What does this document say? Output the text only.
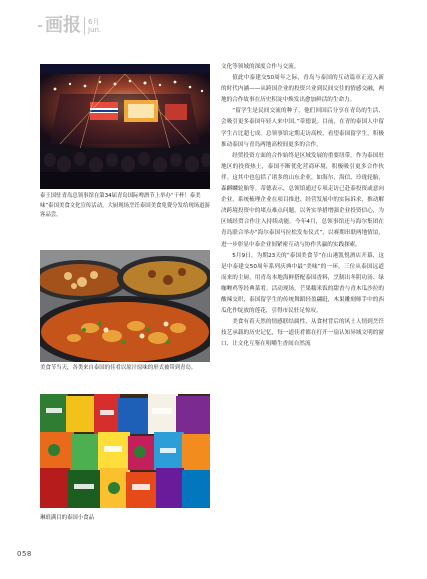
画报 6月
Jun.
泰王国驻青岛总领事馆在第34届青岛国际啤酒节上举办“干杯！泰美味”泰国美食文化宣传活动，大厨现场烹饪泰国美食免费分发给现场道游客品尝。
美食节当天，各类来自泰国的佳肴以原汁原味的形式被带到青岛。
琳琅满目的泰国小食品

文化等领域的深度合作与交流。

值此中泰建交50周年之际，青岛与泰国的互动篇章正迈入新的时代内涵——从跨国企业的投资兴业到民间交往的情感交融，两地的合作故事在历史积淀中焕发出愈加鲜活的生命力。

“留学生是民间交流的种子，他们回国后分享在青岛的生活，会吸引更多泰国年轻人来中国。”蒂德说。目前，在青的泰国人中留学生占比超七成。总领事馆定期走访高校，看望泰国留学生，积极推动泰国与青岛两地高校间更多的合作。

经贸投资方面的合作始终是区域发展的重要纽带。作为泰国驻地区的投资热土，泰国不断优化营商环境，积极吸引更多合作伙伴。这其中也包括了诸多的山东企业，如海尔、海信、玲珑轮胎、森麒麟轮胎等。蒂德表示，总领馆通过专项走访已赴泰投资或意向企业，系统梳理企业在项目推进、经营发展中的实际诉求，推动解决跨境投资中的堵点难点问题，以务实举措增强企业投资信心，为区域经贸合作注入持续动能。今年4月，总领事馆还与海尔集团在青岛联合举办“海尔泰国马拉松发布仪式”，以赛期串联两地情谊，进一步彰显中泰企业间紧密互动与协作共赢的实践探索。

5月9日，为期23天的“泰国美食节”在山港凯悦酒店开幕，这是中泰建交50周年系列庆典中最“美味”的一环。三位从泰国远道而来的主厨，用青岛本地海鲜搭配泰国香料，烹制出冬阴功汤、绿咖喱鸡等经典菜肴。活动现场，芒果糯米饭的甜香与青木瓜沙拉的酸辣交织，泰国留学生的传统舞蹈轻盈翩跹，木果雕刻师手中的西瓜化作绽放的莲花，引得市民驻足惊叹。

美食有着天然的情感联结属性，从食材背后的风土人情到烹饪技艺承载的历史记忆，每一道佳肴都在打开一扇认知异域文明的窗口，让文化互鉴在咀嚼生香间自然流

058
